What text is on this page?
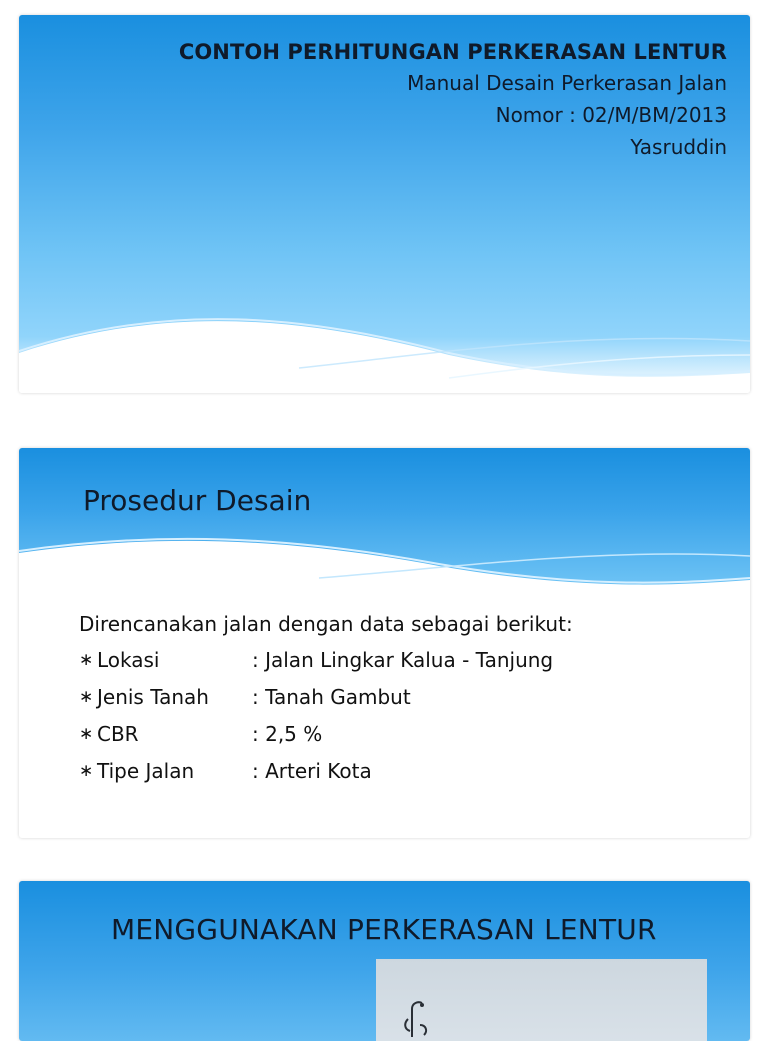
CONTOH PERHITUNGAN PERKERASAN LENTUR
Manual Desain Perkerasan Jalan
Nomor : 02/M/BM/2013
Yasruddin
Prosedur Desain
Direncanakan jalan dengan data sebagai berikut:
∗ Lokasi	: Jalan Lingkar Kalua - Tanjung
∗ Jenis Tanah	: Tanah Gambut
∗ CBR	: 2,5 %
∗ Tipe Jalan	: Arteri Kota
MENGGUNAKAN PERKERASAN LENTUR
